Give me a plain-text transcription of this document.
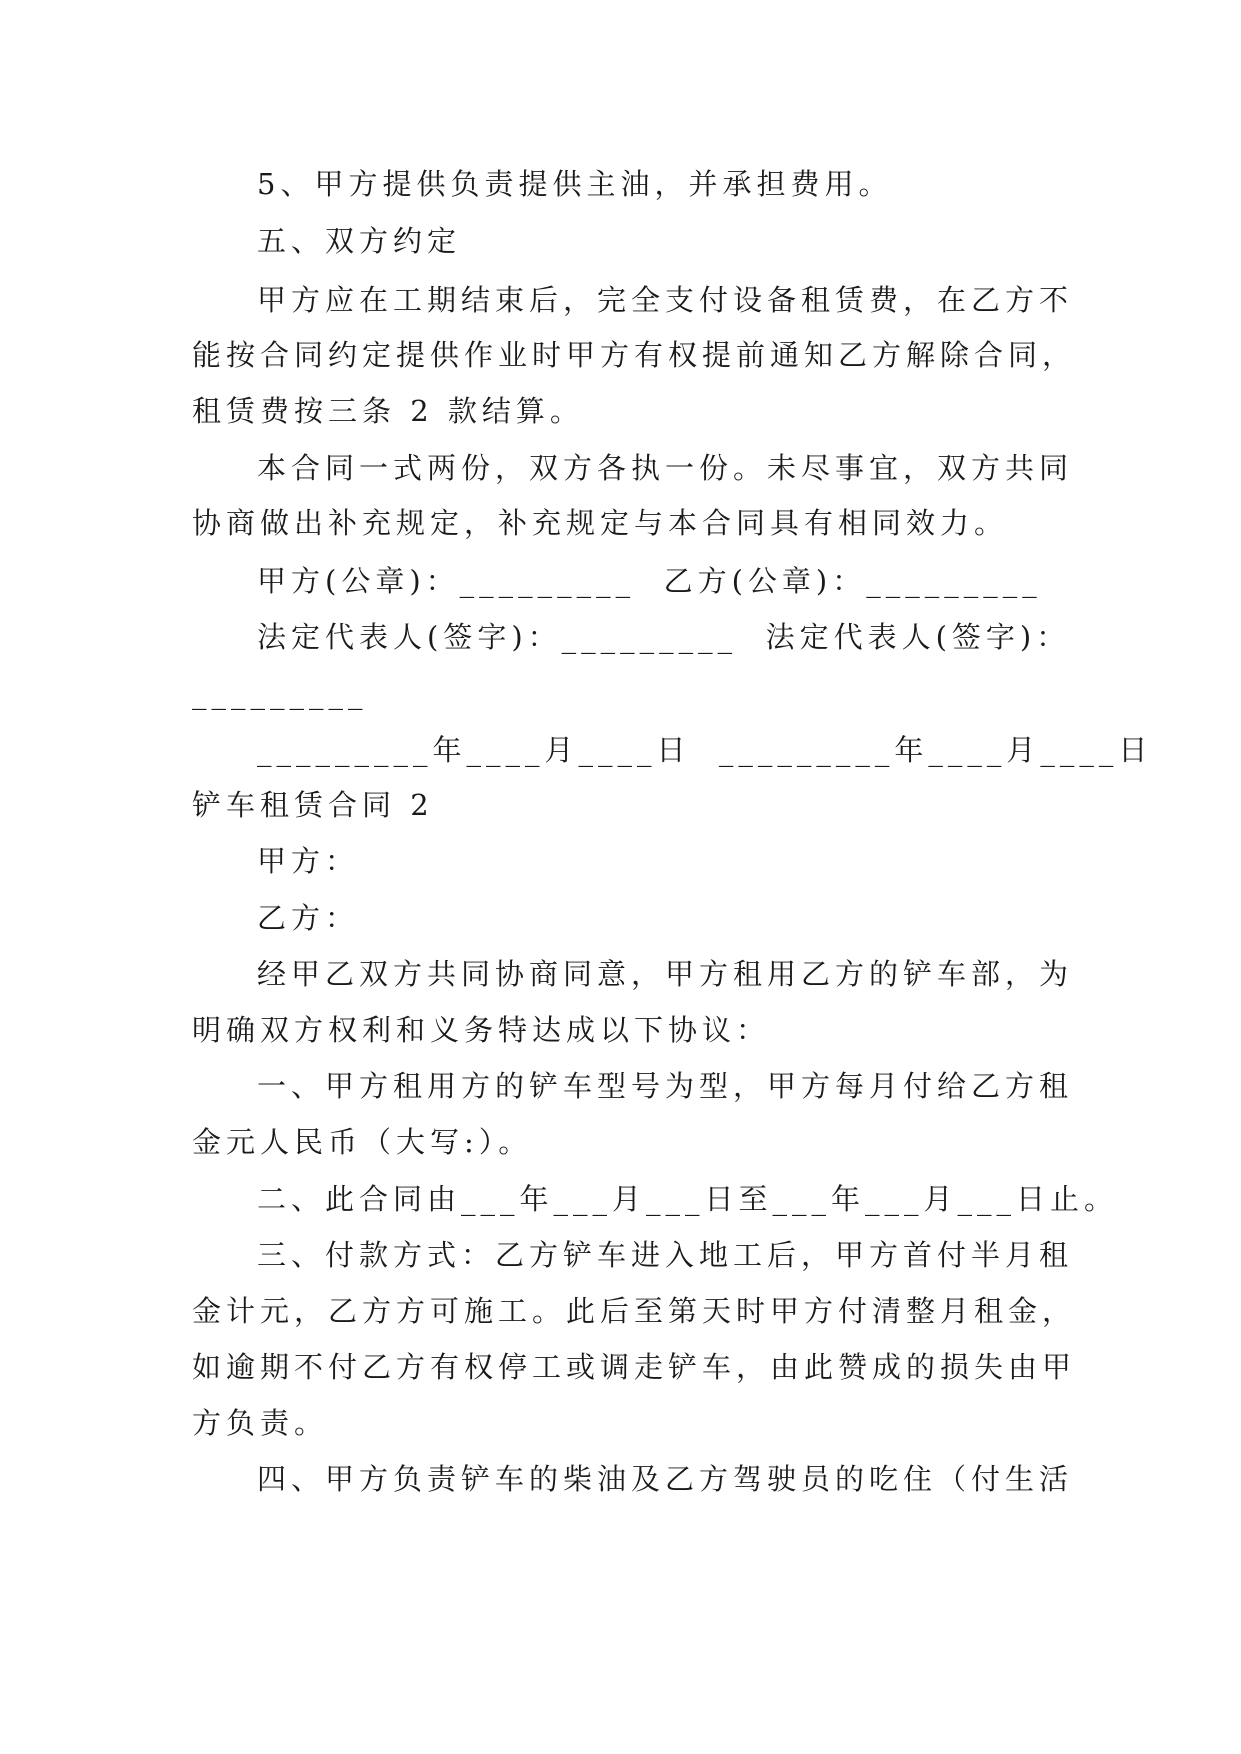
5、甲方提供负责提供主油，并承担费用。
五、双方约定
甲方应在工期结束后，完全支付设备租赁费，在乙方不
能按合同约定提供作业时甲方有权提前通知乙方解除合同，
租赁费按三条 2 款结算。
本合同一式两份，双方各执一份。未尽事宜，双方共同
协商做出补充规定，补充规定与本合同具有相同效力。
甲方(公章)：_________  乙方(公章)：_________
法定代表人(签字)：_________  法定代表人(签字)：
_________
_________年____月____日  _________年____月____日
铲车租赁合同 2
甲方：
乙方：
经甲乙双方共同协商同意，甲方租用乙方的铲车部，为
明确双方权利和义务特达成以下协议：
一、甲方租用方的铲车型号为型，甲方每月付给乙方租
金元人民币（大写:）。
二、此合同由___年___月___日至___年___月___日止。
三、付款方式：乙方铲车进入地工后，甲方首付半月租
金计元，乙方方可施工。此后至第天时甲方付清整月租金，
如逾期不付乙方有权停工或调走铲车，由此赞成的损失由甲
方负责。
四、甲方负责铲车的柴油及乙方驾驶员的吃住（付生活
